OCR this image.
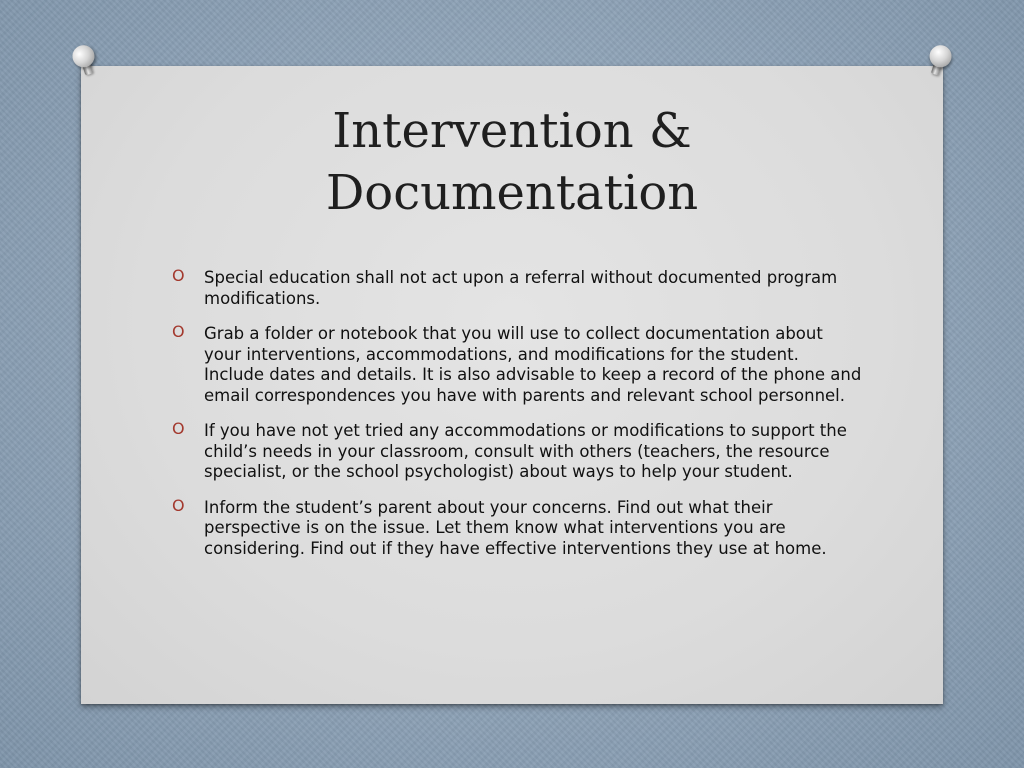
Intervention &
Documentation
O Special education shall not act upon a referral without documented program modifications.
O Grab a folder or notebook that you will use to collect documentation about your interventions, accommodations, and modifications for the student. Include dates and details. It is also advisable to keep a record of the phone and email correspondences you have with parents and relevant school personnel.
O If you have not yet tried any accommodations or modifications to support the child’s needs in your classroom, consult with others (teachers, the resource specialist, or the school psychologist) about ways to help your student.
O Inform the student’s parent about your concerns. Find out what their perspective is on the issue. Let them know what interventions you are considering. Find out if they have effective interventions they use at home.
